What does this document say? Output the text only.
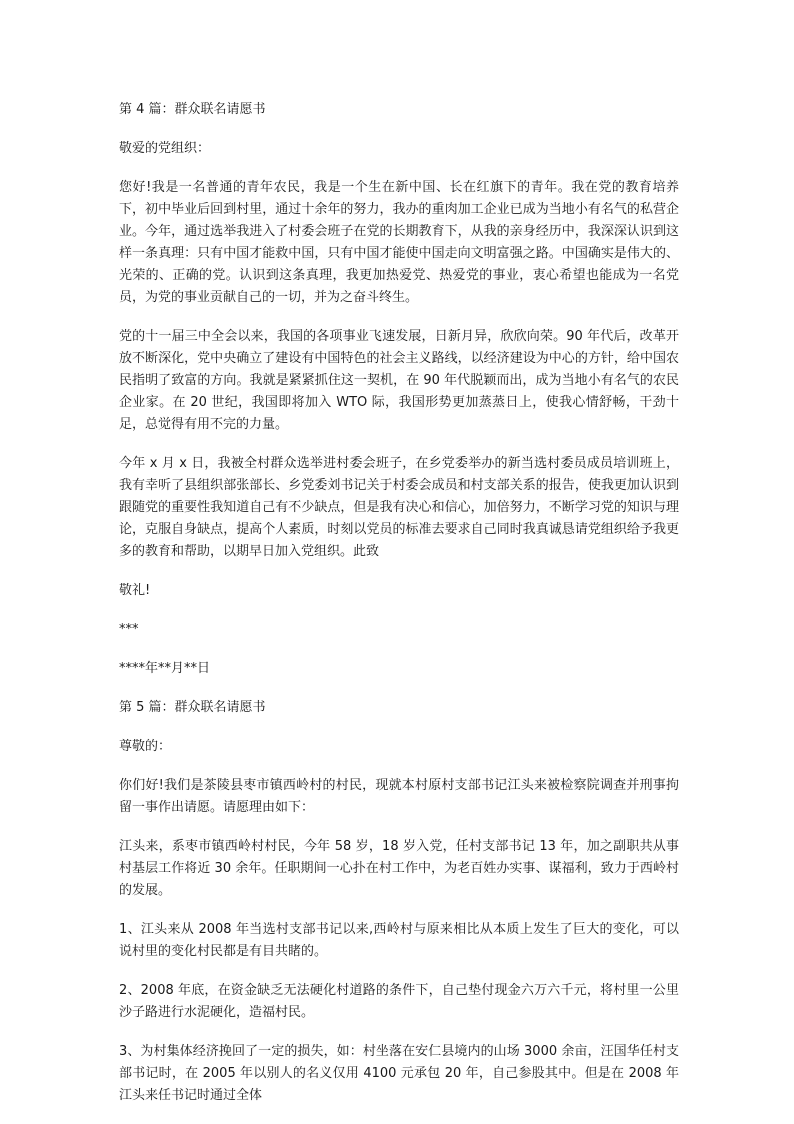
第 4 篇：群众联名请愿书

敬爱的党组织：

您好!我是一名普通的青年农民，我是一个生在新中国、长在红旗下的青年。我在党的教育培养下，初中毕业后回到村里，通过十余年的努力，我办的重肉加工企业已成为当地小有名气的私营企业。今年，通过选举我进入了村委会班子在党的长期教育下，从我的亲身经历中，我深深认识到这样一条真理：只有中国才能救中国，只有中国才能使中国走向文明富强之路。中国确实是伟大的、光荣的、正确的党。认识到这条真理，我更加热爱党、热爱党的事业，衷心希望也能成为一名党员，为党的事业贡献自己的一切，并为之奋斗终生。

党的十一届三中全会以来，我国的各项事业飞速发展，日新月异，欣欣向荣。90 年代后，改革开放不断深化，党中央确立了建设有中国特色的社会主义路线，以经济建设为中心的方针，给中国农民指明了致富的方向。我就是紧紧抓住这一契机，在 90 年代脱颖而出，成为当地小有名气的农民企业家。在 20 世纪，我国即将加入 WTO 际，我国形势更加蒸蒸日上，使我心情舒畅，干劲十足，总觉得有用不完的力量。

今年 x 月 x 日，我被全村群众选举进村委会班子，在乡党委举办的新当选村委员成员培训班上，我有幸听了县组织部张部长、乡党委刘书记关于村委会成员和村支部关系的报告，使我更加认识到跟随党的重要性我知道自己有不少缺点，但是我有决心和信心，加倍努力，不断学习党的知识与理论，克服自身缺点，提高个人素质，时刻以党员的标准去要求自己同时我真诚恳请党组织给予我更多的教育和帮助，以期早日加入党组织。此致

敬礼!

***

****年**月**日

第 5 篇：群众联名请愿书

尊敬的：

你们好!我们是茶陵县枣市镇西岭村的村民，现就本村原村支部书记江头来被检察院调查并刑事拘留一事作出请愿。请愿理由如下：

江头来，系枣市镇西岭村村民，今年 58 岁，18 岁入党，任村支部书记 13 年，加之副职共从事村基层工作将近 30 余年。任职期间一心扑在村工作中，为老百姓办实事、谋福利，致力于西岭村的发展。

1、江头来从 2008 年当选村支部书记以来,西岭村与原来相比从本质上发生了巨大的变化，可以说村里的变化村民都是有目共睹的。

2、2008 年底，在资金缺乏无法硬化村道路的条件下，自己垫付现金六万六千元，将村里一公里沙子路进行水泥硬化，造福村民。

3、为村集体经济挽回了一定的损失，如：村坐落在安仁县境内的山场 3000 余亩，汪国华任村支部书记时，在 2005 年以别人的名义仅用 4100 元承包 20 年，自己参股其中。但是在 2008 年江头来任书记时通过全体
